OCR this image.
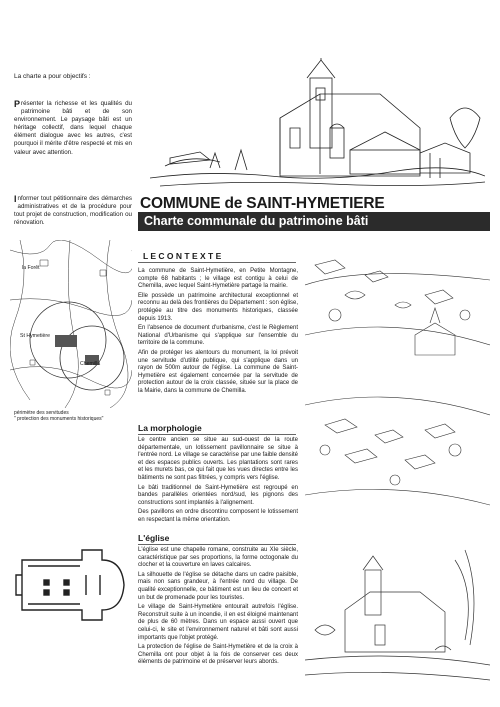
La charte a pour objectifs :
P résenter la richesse et les qualités du patrimoine bâti et de son environnement. Le paysage bâti est un héritage collectif, dans lequel chaque élément dialogue avec les autres, c'est pourquoi il mérite d'être respecté et mis en valeur avec attention.
I nformer tout pétitionnaire des démarches administratives et de la procédure pour tout projet de construction, modification ou rénovation.
COMMUNE de SAINT-HYMETIERE
Charte communale du patrimoine bâti
la Forêt
St Hymetière
Chemilla
périmètre des servitudes
" protection des monuments historiques"
L E C O N T E X T E

La commune de Saint-Hymetière, en Petite Montagne, compte 68 habitants ; le village est contigu à celui de Chemilla, avec lequel Saint-Hymetière partage la mairie.

Elle possède un patrimoine architectural exceptionnel et reconnu au delà des frontières du Département : son église, protégée au titre des monuments historiques, classée depuis 1913.

En l'absence de document d'urbanisme, c'est le Règlement National d'Urbanisme qui s'applique sur l'ensemble du territoire de la commune.

Afin de protéger les alentours du monument, la loi prévoit une servitude d'utilité publique, qui s'applique dans un rayon de 500m autour de l'église. La commune de Saint-Hymetière est également concernée par la servitude de protection autour de la croix classée, située sur la place de la Mairie, dans la commune de Chemilla.

La morphologie

Le centre ancien se situe au sud-ouest de la route départementale, un lotissement pavillonnaire se situe à l'entrée nord. Le village se caractérise par une faible densité et des espaces publics ouverts. Les plantations sont rares et les murets bas, ce qui fait que les vues directes entre les bâtiments ne sont pas filtrées, y compris vers l'église.

Le bâti traditionnel de Saint-Hymetière est regroupé en bandes parallèles orientées nord/sud, les pignons des constructions sont implantés à l'alignement.

Des pavillons en ordre discontinu composent le lotissement en respectant la même orientation.

L'église

L'église est une chapelle romane, construite au XIe siècle, caractéristique par ses proportions, la forme octogonale du clocher et la couverture en laves calcaires.

La silhouette de l'église se détache dans un cadre paisible, mais non sans grandeur, à l'entrée nord du village. De qualité exceptionnelle, ce bâtiment est un lieu de concert et un but de promenade pour les touristes.

Le village de Saint-Hymetière entourait autrefois l'église. Reconstruit suite à un incendie, il en est éloigné maintenant de plus de 60 mètres. Dans un espace aussi ouvert que celui-ci, le site et l'environnement naturel et bâti sont aussi importants que l'objet protégé.

La protection de l'église de Saint-Hymetière et de la croix à Chemilla ont pour objet à la fois de conserver ces deux éléments de patrimoine et de préserver leurs abords.
